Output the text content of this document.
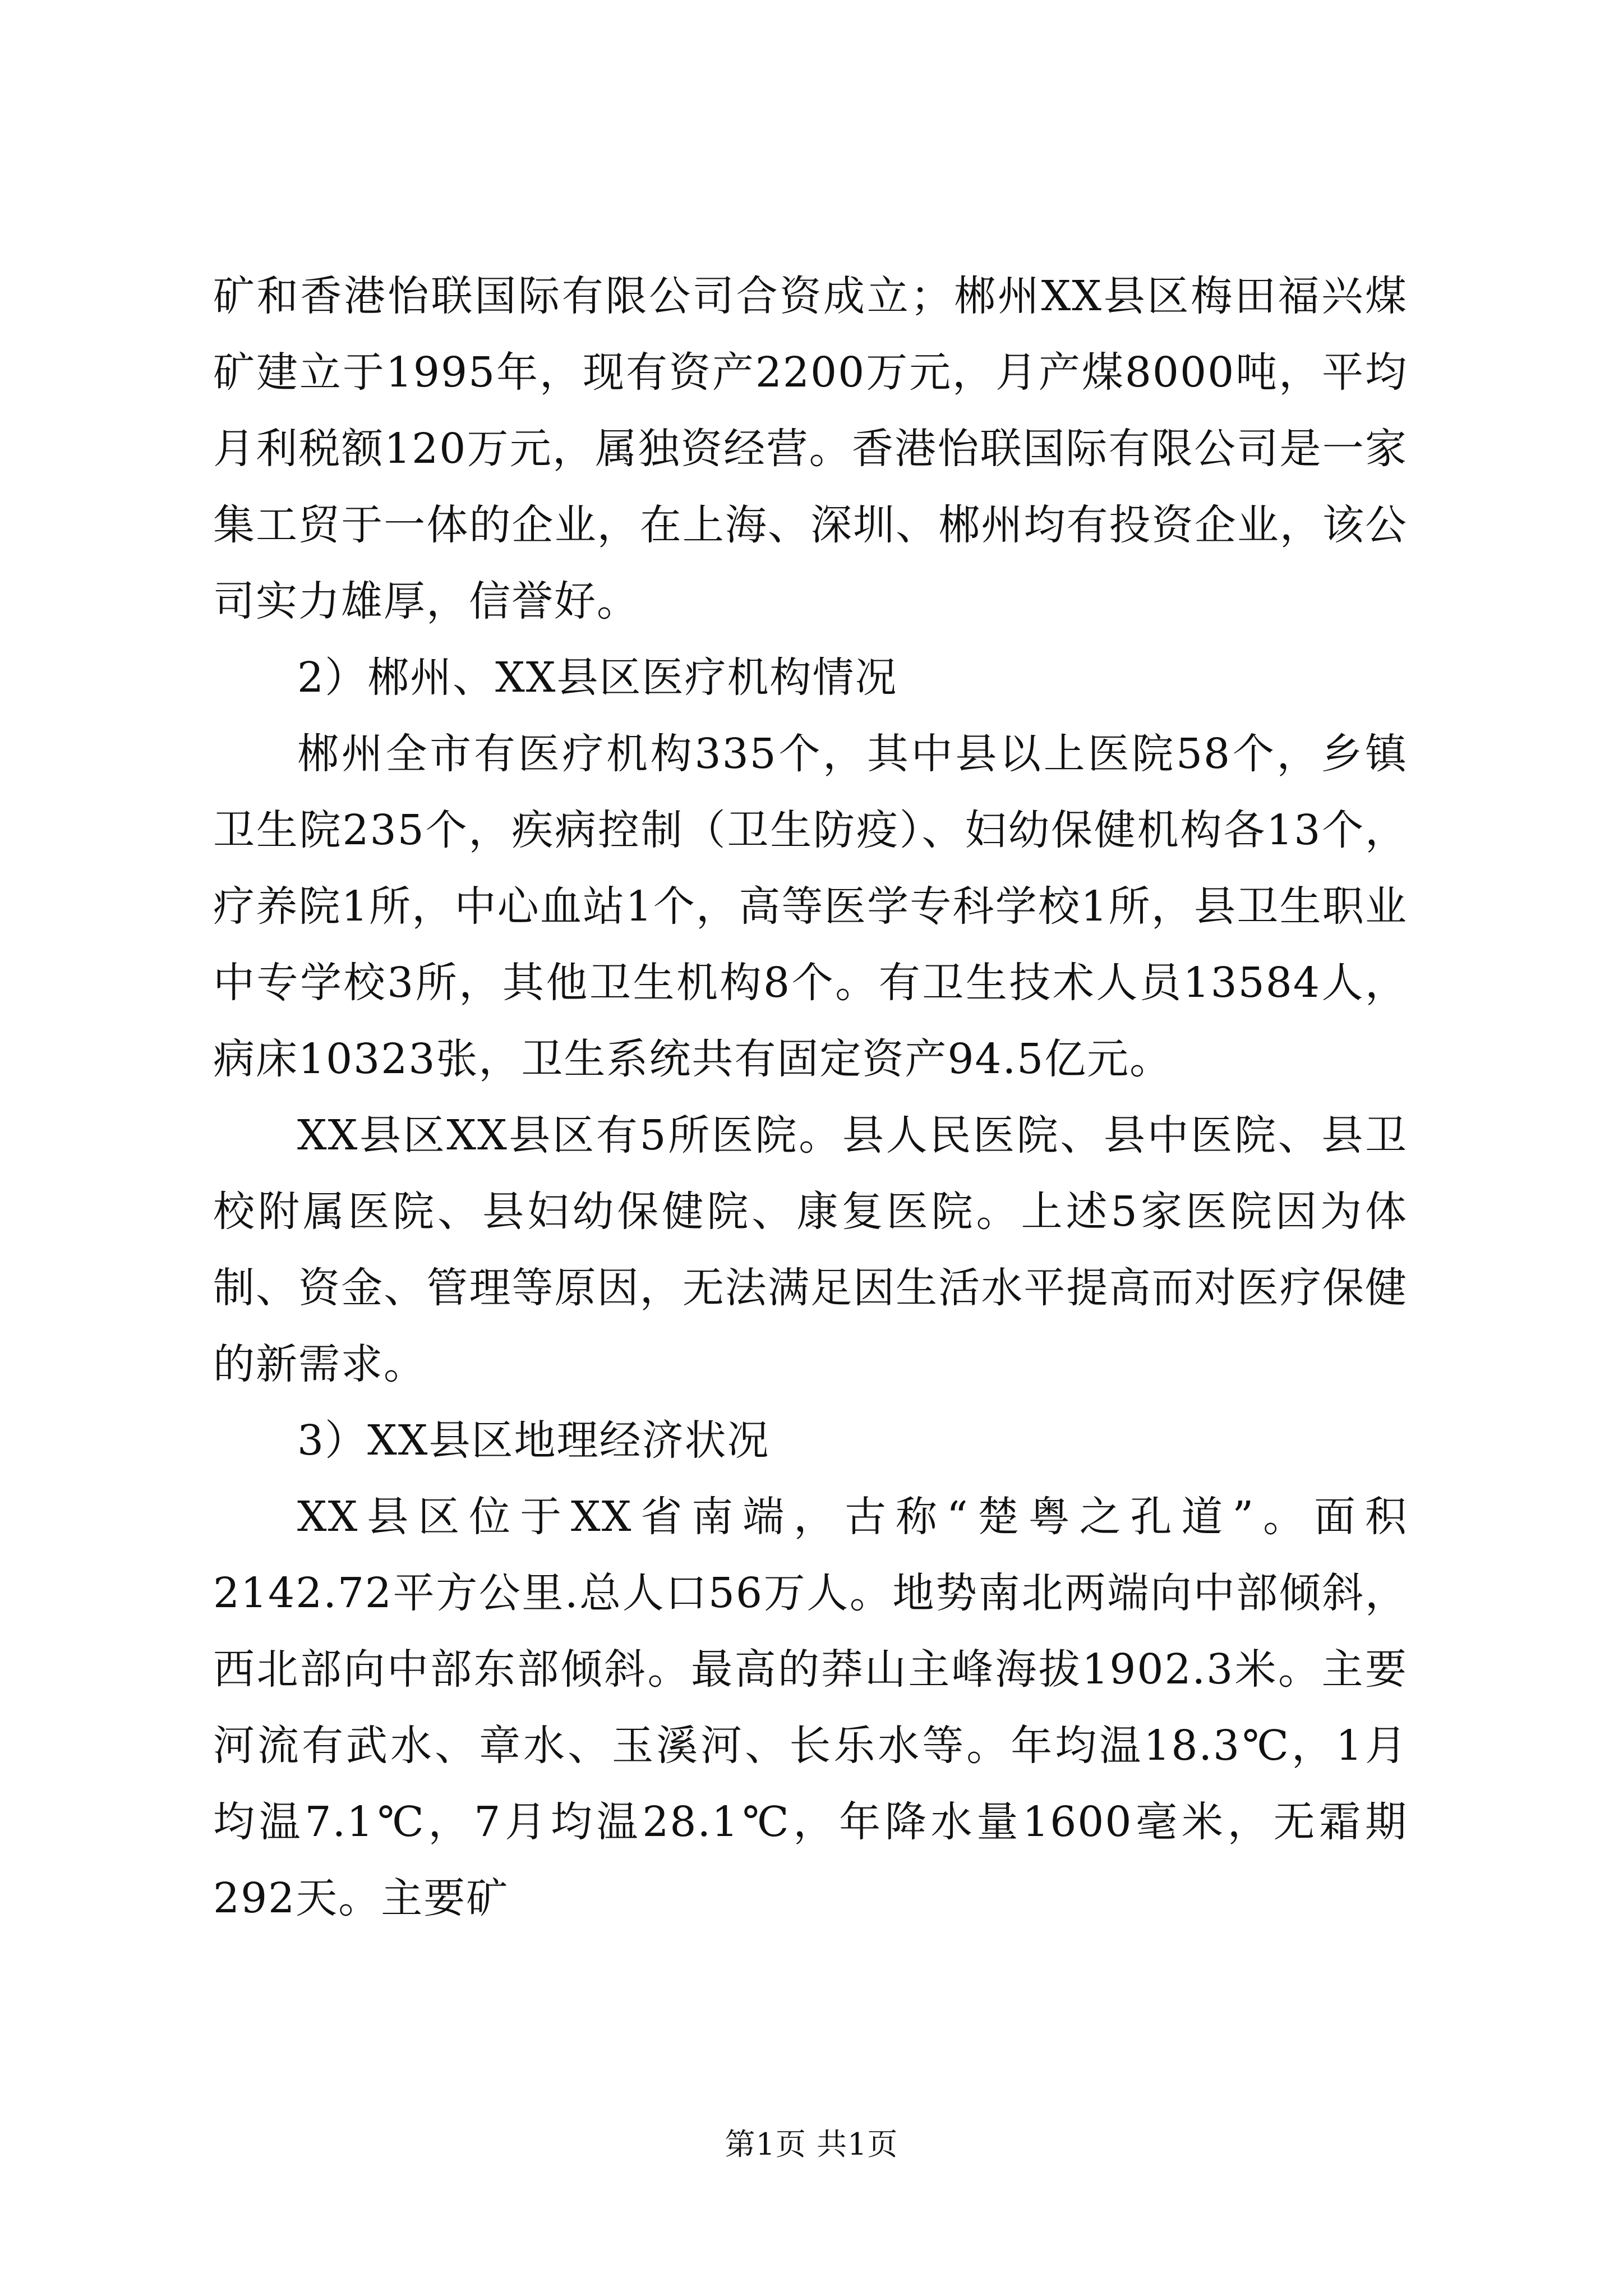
矿和香港怡联国际有限公司合资成立；郴州XX县区梅田福兴煤矿建立于1995年，现有资产2200万元，月产煤8000吨，平均月利税额120万元，属独资经营。香港怡联国际有限公司是一家集工贸于一体的企业，在上海、深圳、郴州均有投资企业，该公司实力雄厚，信誉好。

2）郴州、XX县区医疗机构情况

郴州全市有医疗机构335个，其中县以上医院58个，乡镇卫生院235个，疾病控制（卫生防疫）、妇幼保健机构各13个，疗养院1所，中心血站1个，高等医学专科学校1所，县卫生职业中专学校3所，其他卫生机构8个。有卫生技术人员13584人，病床10323张，卫生系统共有固定资产94.5亿元。

XX县区XX县区有5所医院。县人民医院、县中医院、县卫校附属医院、县妇幼保健院、康复医院。上述5家医院因为体制、资金、管理等原因，无法满足因生活水平提高而对医疗保健的新需求。

3）XX县区地理经济状况

XX县区位于XX省南端，古称“楚粤之孔道”。面积2142.72平方公里.总人口56万人。地势南北两端向中部倾斜，西北部向中部东部倾斜。最高的莽山主峰海拔1902.3米。主要河流有武水、章水、玉溪河、长乐水等。年均温18.3℃，1月均温7.1℃，7月均温28.1℃，年降水量1600毫米，无霜期292天。主要矿

第1页 共1页
